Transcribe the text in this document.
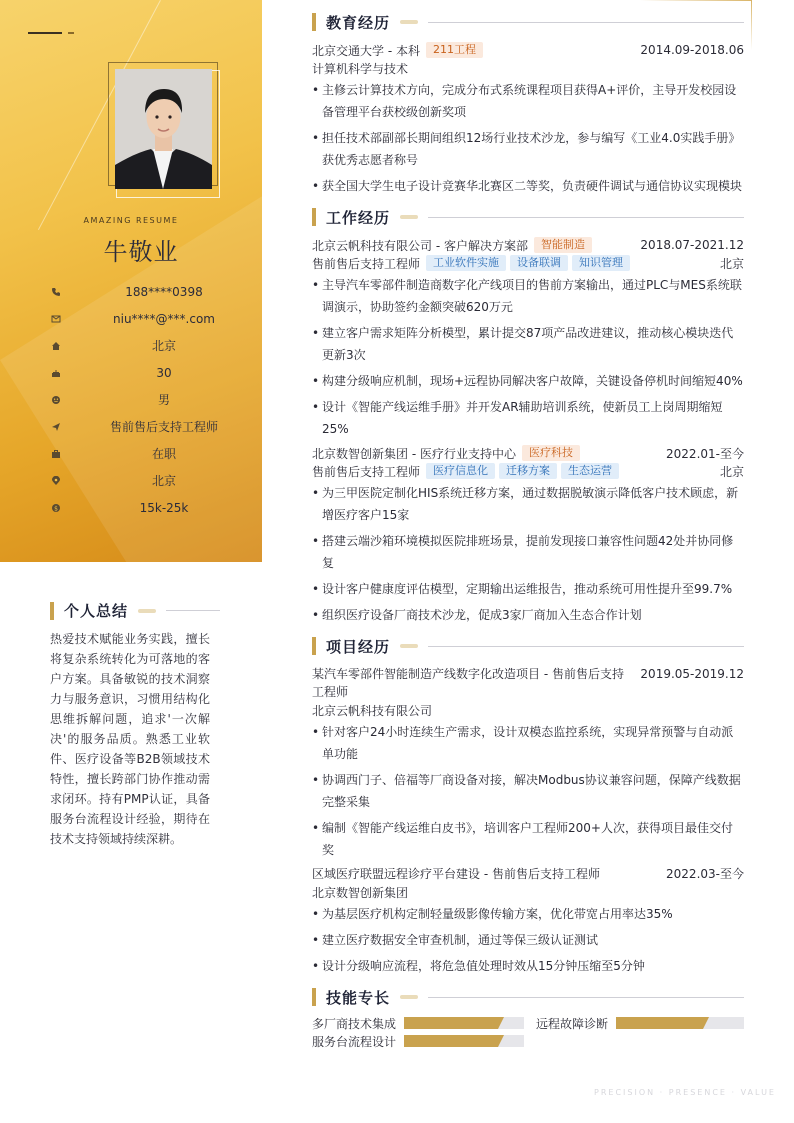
AMAZING RESUME
牛敬业
188****0398
niu****@***.com
北京
30
男
售前售后支持工程师
在职
北京
$	15k-25k
个人总结
热爱技术赋能业务实践，擅长将复杂系统转化为可落地的客户方案。具备敏锐的技术洞察力与服务意识，习惯用结构化思维拆解问题，追求'一次解决'的服务品质。熟悉工业软件、医疗设备等B2B领域技术特性，擅长跨部门协作推动需求闭环。持有PMP认证，具备服务台流程设计经验，期待在技术支持领域持续深耕。
教育经历
北京交通大学 - 本科	211工程	2014.09-2018.06
计算机科学与技术
• 主修云计算技术方向，完成分布式系统课程项目获得A+评价，主导开发校园设备管理平台获校级创新奖项
• 担任技术部副部长期间组织12场行业技术沙龙，参与编写《工业4.0实践手册》获优秀志愿者称号
• 获全国大学生电子设计竞赛华北赛区二等奖，负责硬件调试与通信协议实现模块
工作经历
北京云帆科技有限公司 - 客户解决方案部	智能制造	2018.07-2021.12
售前售后支持工程师	工业软件实施	设备联调	知识管理	北京
• 主导汽车零部件制造商数字化产线项目的售前方案输出，通过PLC与MES系统联调演示，协助签约金额突破620万元
• 建立客户需求矩阵分析模型，累计提交87项产品改进建议，推动核心模块迭代更新3次
• 构建分级响应机制，现场+远程协同解决客户故障，关键设备停机时间缩短40%
• 设计《智能产线运维手册》并开发AR辅助培训系统，使新员工上岗周期缩短25%
北京数智创新集团 - 医疗行业支持中心	医疗科技	2022.01-至今
售前售后支持工程师	医疗信息化	迁移方案	生态运营	北京
• 为三甲医院定制化HIS系统迁移方案，通过数据脱敏演示降低客户技术顾虑，新增医疗客户15家
• 搭建云端沙箱环境模拟医院排班场景，提前发现接口兼容性问题42处并协同修复
• 设计客户健康度评估模型，定期输出运维报告，推动系统可用性提升至99.7%
• 组织医疗设备厂商技术沙龙，促成3家厂商加入生态合作计划
项目经历
某汽车零部件智能制造产线数字化改造项目 - 售前售后支持工程师
2019.05-2019.12
北京云帆科技有限公司
• 针对客户24小时连续生产需求，设计双模态监控系统，实现异常预警与自动派单功能
• 协调西门子、倍福等厂商设备对接，解决Modbus协议兼容问题，保障产线数据完整采集
• 编制《智能产线运维白皮书》，培训客户工程师200+人次，获得项目最佳交付奖
区域医疗联盟远程诊疗平台建设 - 售前售后支持工程师	2022.03-至今
北京数智创新集团
• 为基层医疗机构定制轻量级影像传输方案，优化带宽占用率达35%
• 建立医疗数据安全审查机制，通过等保三级认证测试
• 设计分级响应流程，将危急值处理时效从15分钟压缩至5分钟
技能专长
多厂商技术集成	远程故障诊断
服务台流程设计
PRECISION · PRESENCE · VALUE
